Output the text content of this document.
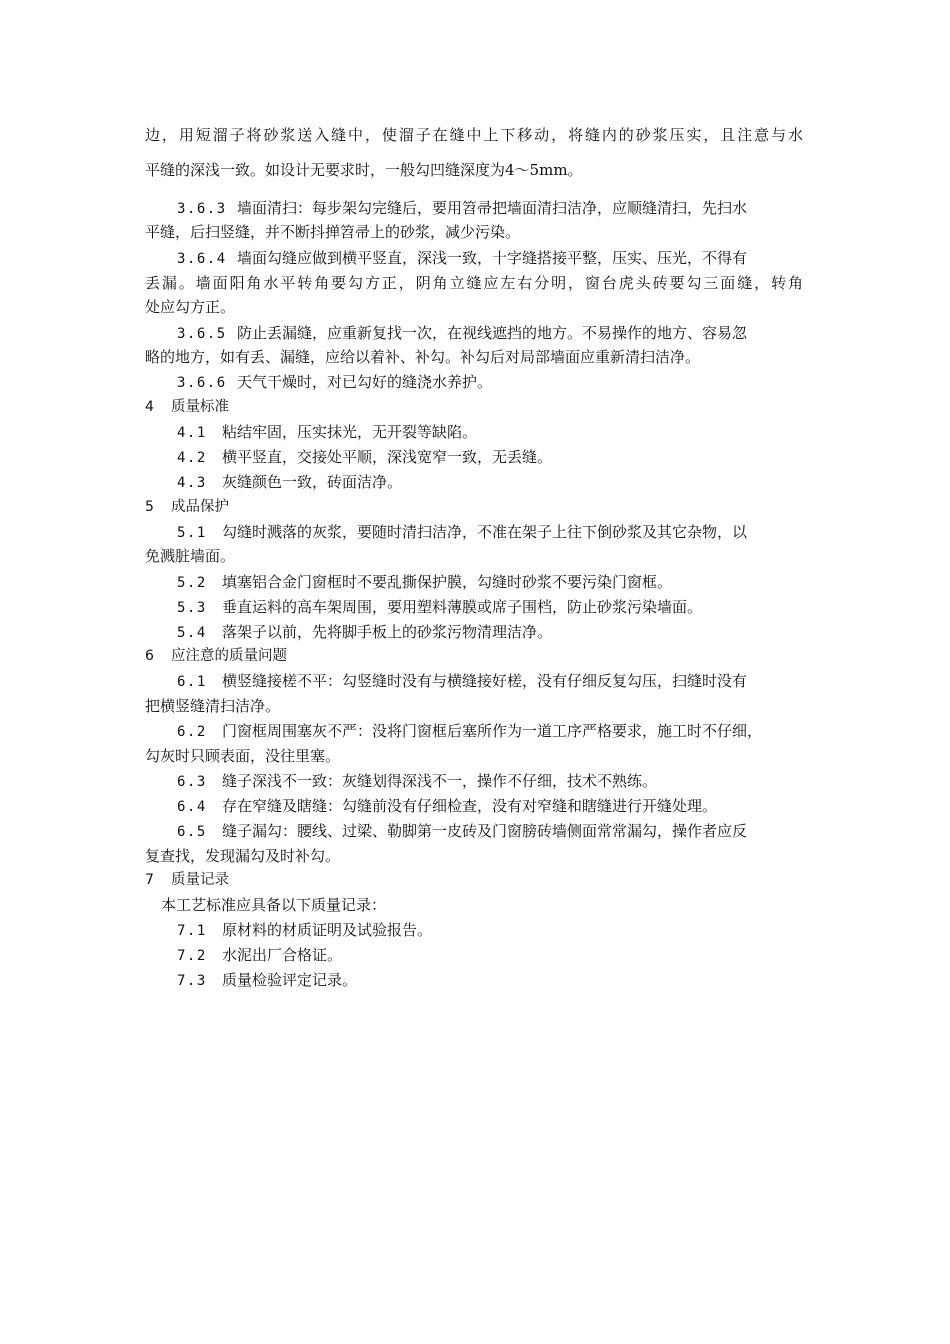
边，用短溜子将砂浆送入缝中，使溜子在缝中上下移动，将缝内的砂浆压实，且注意与水
平缝的深浅一致。如设计无要求时，一般勾凹缝深度为4～5mm。
3.6.3 墙面清扫：每步架勾完缝后，要用笤帚把墙面清扫洁净，应顺缝清扫，先扫水
平缝，后扫竖缝，并不断抖掸笤帚上的砂浆，减少污染。
3.6.4 墙面勾缝应做到横平竖直，深浅一致，十字缝搭接平整，压实、压光，不得有
丢漏。墙面阳角水平转角要勾方正，阴角立缝应左右分明，窗台虎头砖要勾三面缝，转角
处应勾方正。
3.6.5 防止丢漏缝，应重新复找一次，在视线遮挡的地方。不易操作的地方、容易忽
略的地方，如有丢、漏缝，应给以着补、补勾。补勾后对局部墙面应重新清扫洁净。
3.6.6 天气干燥时，对已勾好的缝浇水养护。
4 质量标准
4.1 粘结牢固，压实抹光，无开裂等缺陷。
4.2 横平竖直，交接处平顺，深浅宽窄一致，无丢缝。
4.3 灰缝颜色一致，砖面洁净。
5 成品保护
5.1 勾缝时溅落的灰浆，要随时清扫洁净，不准在架子上往下倒砂浆及其它杂物，以
免溅脏墙面。
5.2 填塞铝合金门窗框时不要乱撕保护膜，勾缝时砂浆不要污染门窗框。
5.3 垂直运料的高车架周围，要用塑料薄膜或席子围档，防止砂浆污染墙面。
5.4 落架子以前，先将脚手板上的砂浆污物清理洁净。
6 应注意的质量问题
6.1 横竖缝接槎不平：勾竖缝时没有与横缝接好槎，没有仔细反复勾压，扫缝时没有
把横竖缝清扫洁净。
6.2 门窗框周围塞灰不严：没将门窗框后塞所作为一道工序严格要求，施工时不仔细，
勾灰时只顾表面，没往里塞。
6.3 缝子深浅不一致：灰缝划得深浅不一，操作不仔细，技术不熟练。
6.4 存在窄缝及瞎缝：勾缝前没有仔细检查，没有对窄缝和瞎缝进行开缝处理。
6.5 缝子漏勾：腰线、过梁、勒脚第一皮砖及门窗膀砖墙侧面常常漏勾，操作者应反
复查找，发现漏勾及时补勾。
7 质量记录
本工艺标准应具备以下质量记录：
7.1 原材料的材质证明及试验报告。
7.2 水泥出厂合格证。
7.3 质量检验评定记录。
